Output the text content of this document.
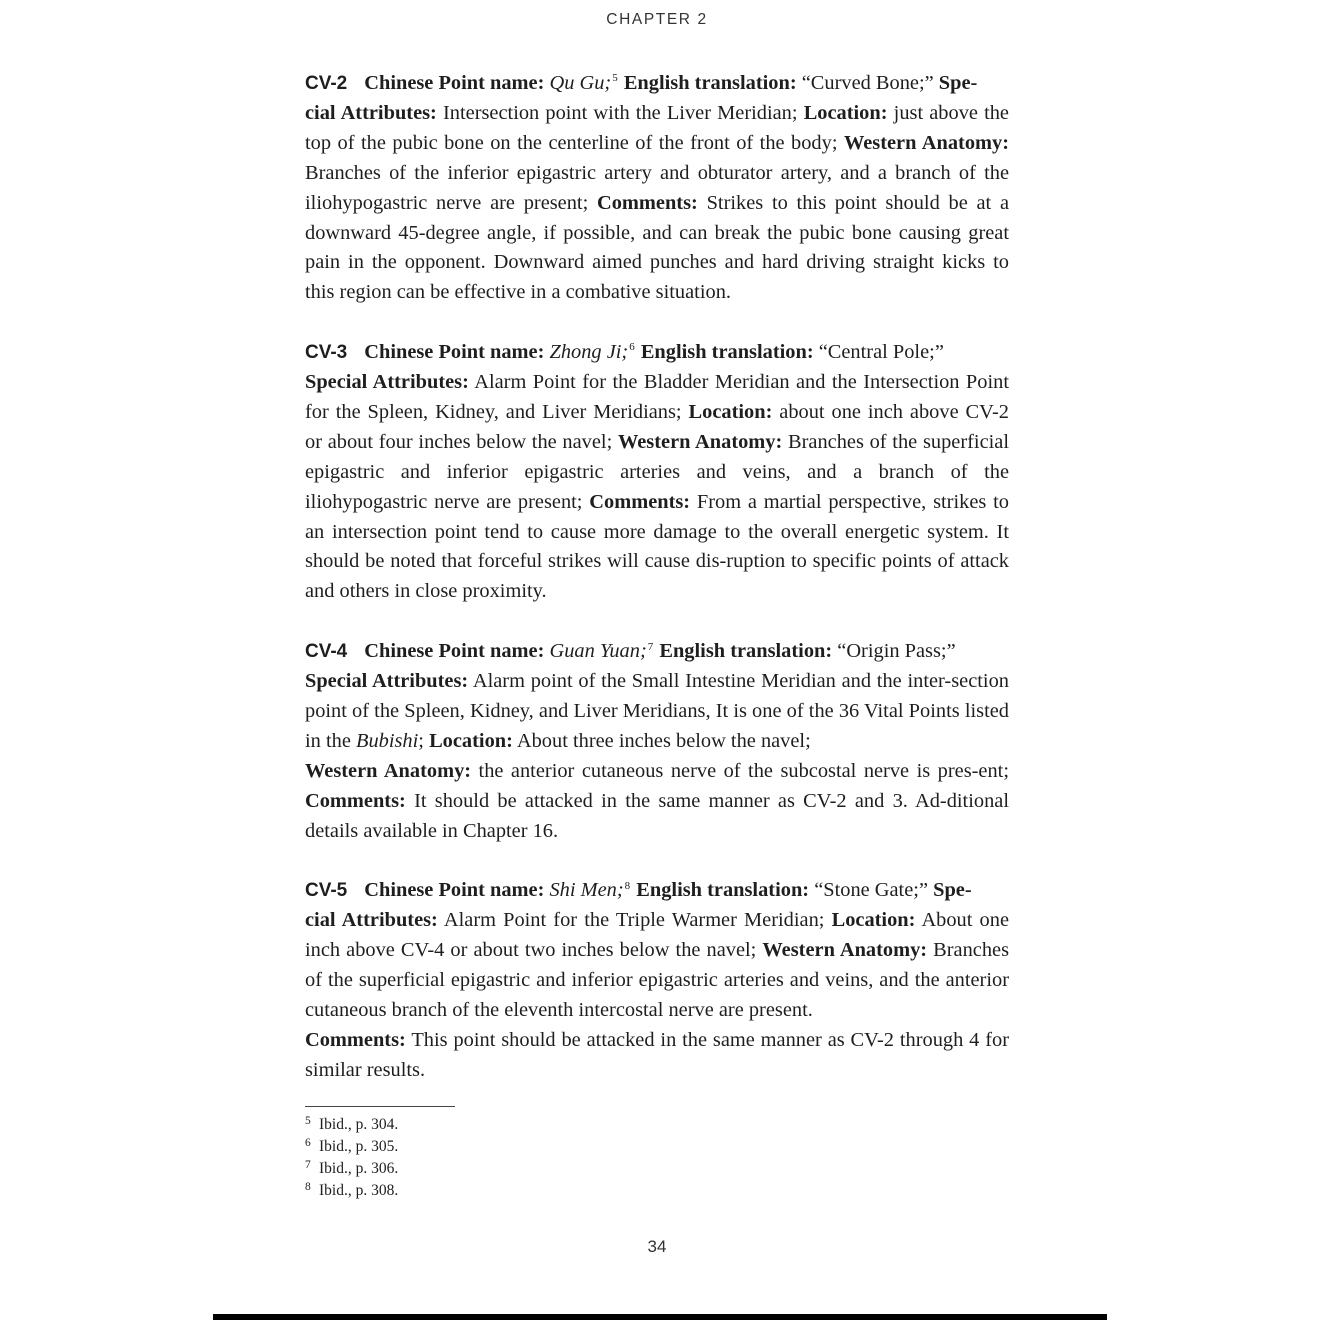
CHAPTER 2

CV-2 Chinese Point name: Qu Gu;$^5$ English translation: “Curved Bone;” Spe-
cial Attributes: Intersection point with the Liver Meridian; Location: just above the top of the pubic bone on the centerline of the front of the body; Western Anatomy: Branches of the inferior epigastric artery and obturator artery, and a branch of the iliohypogastric nerve are present; Comments: Strikes to this point should be at a downward 45-degree angle, if possible, and can break the pubic bone causing great pain in the opponent. Downward aimed punches and hard driving straight kicks to this region can be effective in a combative situation.

CV-3 Chinese Point name: Zhong Ji;$^6$ English translation: “Central Pole;”
Special Attributes: Alarm Point for the Bladder Meridian and the Intersection Point for the Spleen, Kidney, and Liver Meridians; Location: about one inch above CV-2 or about four inches below the navel; Western Anatomy: Branches of the superficial epigastric and inferior epigastric arteries and veins, and a branch of the iliohypogastric nerve are present; Comments: From a martial perspective, strikes to an intersection point tend to cause more damage to the overall energetic system. It should be noted that forceful strikes will cause dis-ruption to specific points of attack and others in close proximity.

CV-4 Chinese Point name: Guan Yuan;$^7$ English translation: “Origin Pass;”
Special Attributes: Alarm point of the Small Intestine Meridian and the inter-section point of the Spleen, Kidney, and Liver Meridians, It is one of the 36 Vital Points listed in the Bubishi; Location: About three inches below the navel;
Western Anatomy: the anterior cutaneous nerve of the subcostal nerve is pres-ent; Comments: It should be attacked in the same manner as CV-2 and 3. Ad-ditional details available in Chapter 16.

CV-5 Chinese Point name: Shi Men;$^8$ English translation: “Stone Gate;” Spe-
cial Attributes: Alarm Point for the Triple Warmer Meridian; Location: About one inch above CV-4 or about two inches below the navel; Western Anatomy: Branches of the superficial epigastric and inferior epigastric arteries and veins, and the anterior cutaneous branch of the eleventh intercostal nerve are present.
Comments: This point should be attacked in the same manner as CV-2 through 4 for similar results.

5 Ibid., p. 304.
6 Ibid., p. 305.
7 Ibid., p. 306.
8 Ibid., p. 308.
34
